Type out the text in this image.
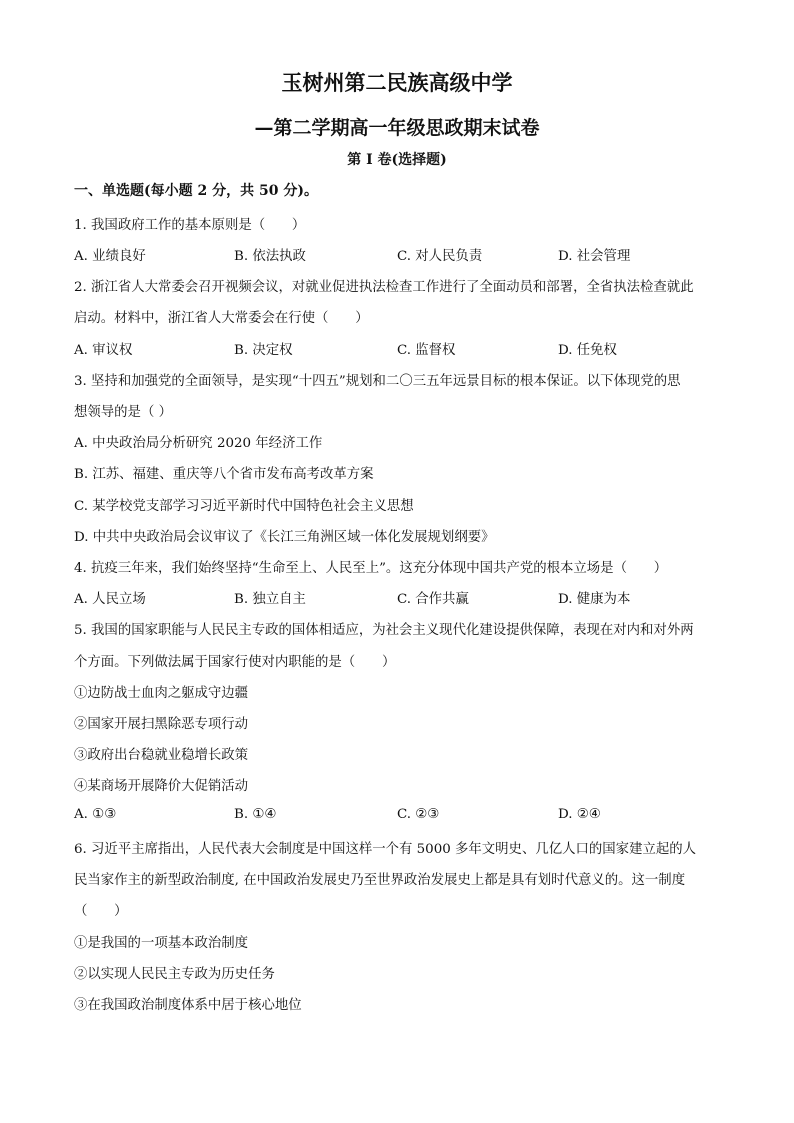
玉树州第二民族高级中学
—第二学期高一年级思政期末试卷
第 I 卷(选择题)
一、单选题(每小题 2 分，共 50 分)。
1. 我国政府工作的基本原则是（　　）
A. 业绩良好	B. 依法执政	C. 对人民负责	D. 社会管理
2. 浙江省人大常委会召开视频会议，对就业促进执法检查工作进行了全面动员和部署，全省执法检查就此
启动。材料中，浙江省人大常委会在行使（　　）
A. 审议权	B. 决定权	C. 监督权	D. 任免权
3. 坚持和加强党的全面领导，是实现“十四五”规划和二〇三五年远景目标的根本保证。以下体现党的思
想领导的是（ ）
A. 中央政治局分析研究 2020 年经济工作
B. 江苏、福建、重庆等八个省市发布高考改革方案
C. 某学校党支部学习习近平新时代中国特色社会主义思想
D. 中共中央政治局会议审议了《长江三角洲区域一体化发展规划纲要》
4. 抗疫三年来，我们始终坚持“生命至上、人民至上”。这充分体现中国共产党的根本立场是（　　）
A. 人民立场	B. 独立自主	C. 合作共赢	D. 健康为本
5. 我国的国家职能与人民民主专政的国体相适应，为社会主义现代化建设提供保障，表现在对内和对外两
个方面。下列做法属于国家行使对内职能的是（　　）
①边防战士血肉之躯成守边疆
②国家开展扫黑除恶专项行动
③政府出台稳就业稳增长政策
④某商场开展降价大促销活动
A. ①③	B. ①④	C. ②③	D. ②④
6. 习近平主席指出，人民代表大会制度是中国这样一个有 5000 多年文明史、几亿人口的国家建立起的人
民当家作主的新型政治制度, 在中国政治发展史乃至世界政治发展史上都是具有划时代意义的。这一制度
（　　）
①是我国的一项基本政治制度
②以实现人民民主专政为历史任务
③在我国政治制度体系中居于核心地位
